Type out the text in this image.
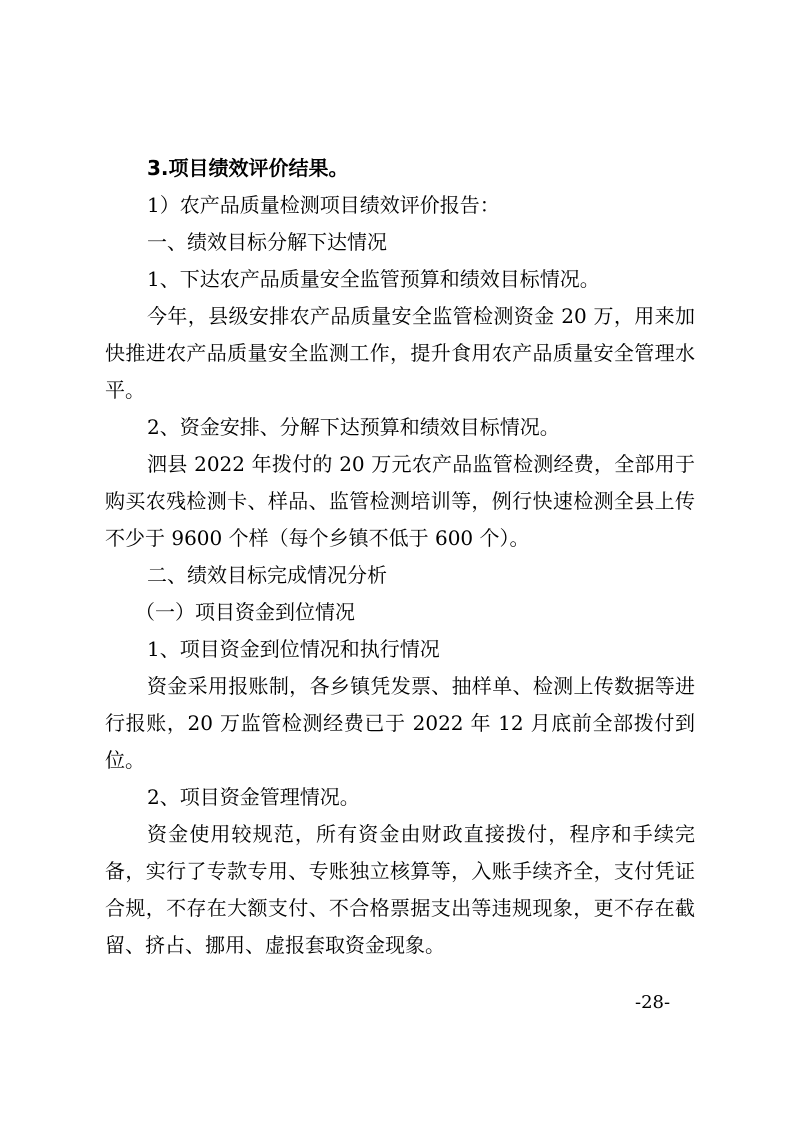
3.项目绩效评价结果。
1）农产品质量检测项目绩效评价报告：
一、绩效目标分解下达情况
1、下达农产品质量安全监管预算和绩效目标情况。

今年，县级安排农产品质量安全监管检测资金 20 万，用来加快推进农产品质量安全监测工作，提升食用农产品质量安全管理水平。

2、资金安排、分解下达预算和绩效目标情况。

泗县 2022 年拨付的 20 万元农产品监管检测经费，全部用于购买农残检测卡、样品、监管检测培训等，例行快速检测全县上传不少于 9600 个样（每个乡镇不低于 600 个）。

二、绩效目标完成情况分析
（一）项目资金到位情况
1、项目资金到位情况和执行情况

资金采用报账制，各乡镇凭发票、抽样单、检测上传数据等进行报账，20 万监管检测经费已于 2022 年 12 月底前全部拨付到位。

2、项目资金管理情况。

资金使用较规范，所有资金由财政直接拨付，程序和手续完备，实行了专款专用、专账独立核算等，入账手续齐全，支付凭证合规，不存在大额支付、不合格票据支出等违规现象，更不存在截留、挤占、挪用、虚报套取资金现象。

-28-
